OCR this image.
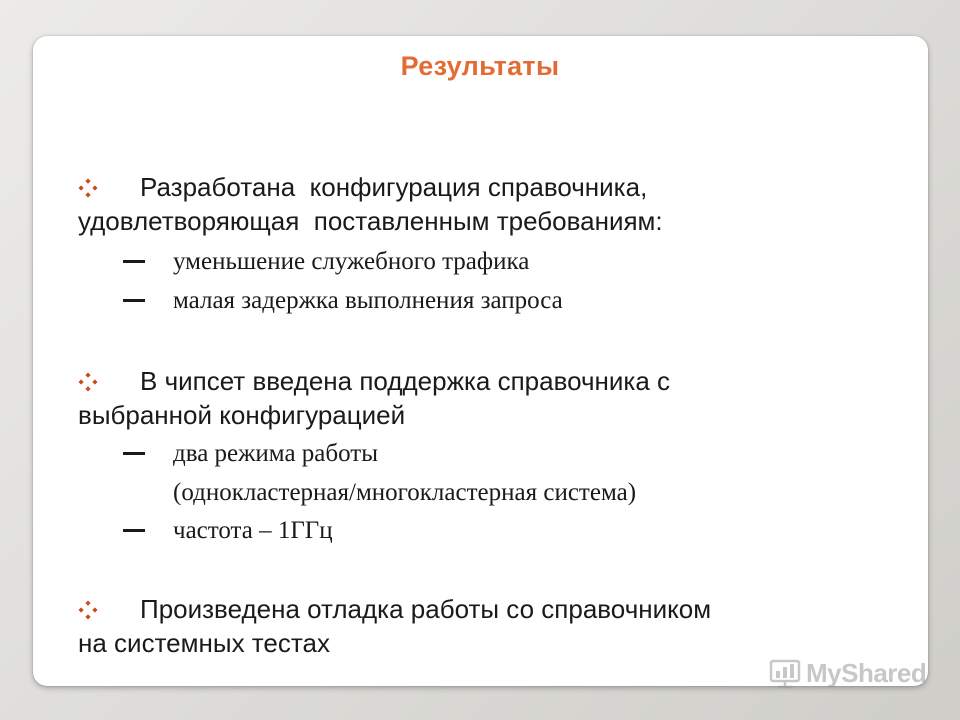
Результаты
Разработана  конфигурация справочника,
удовлетворяющая  поставленным требованиям:
уменьшение служебного трафика
малая задержка выполнения запроса
В чипсет введена поддержка справочника с
выбранной конфигурацией
два режима работы
(однокластерная/многокластерная система)
частота – 1ГГц
Произведена отладка работы со справочником
на системных тестах
MyShared
